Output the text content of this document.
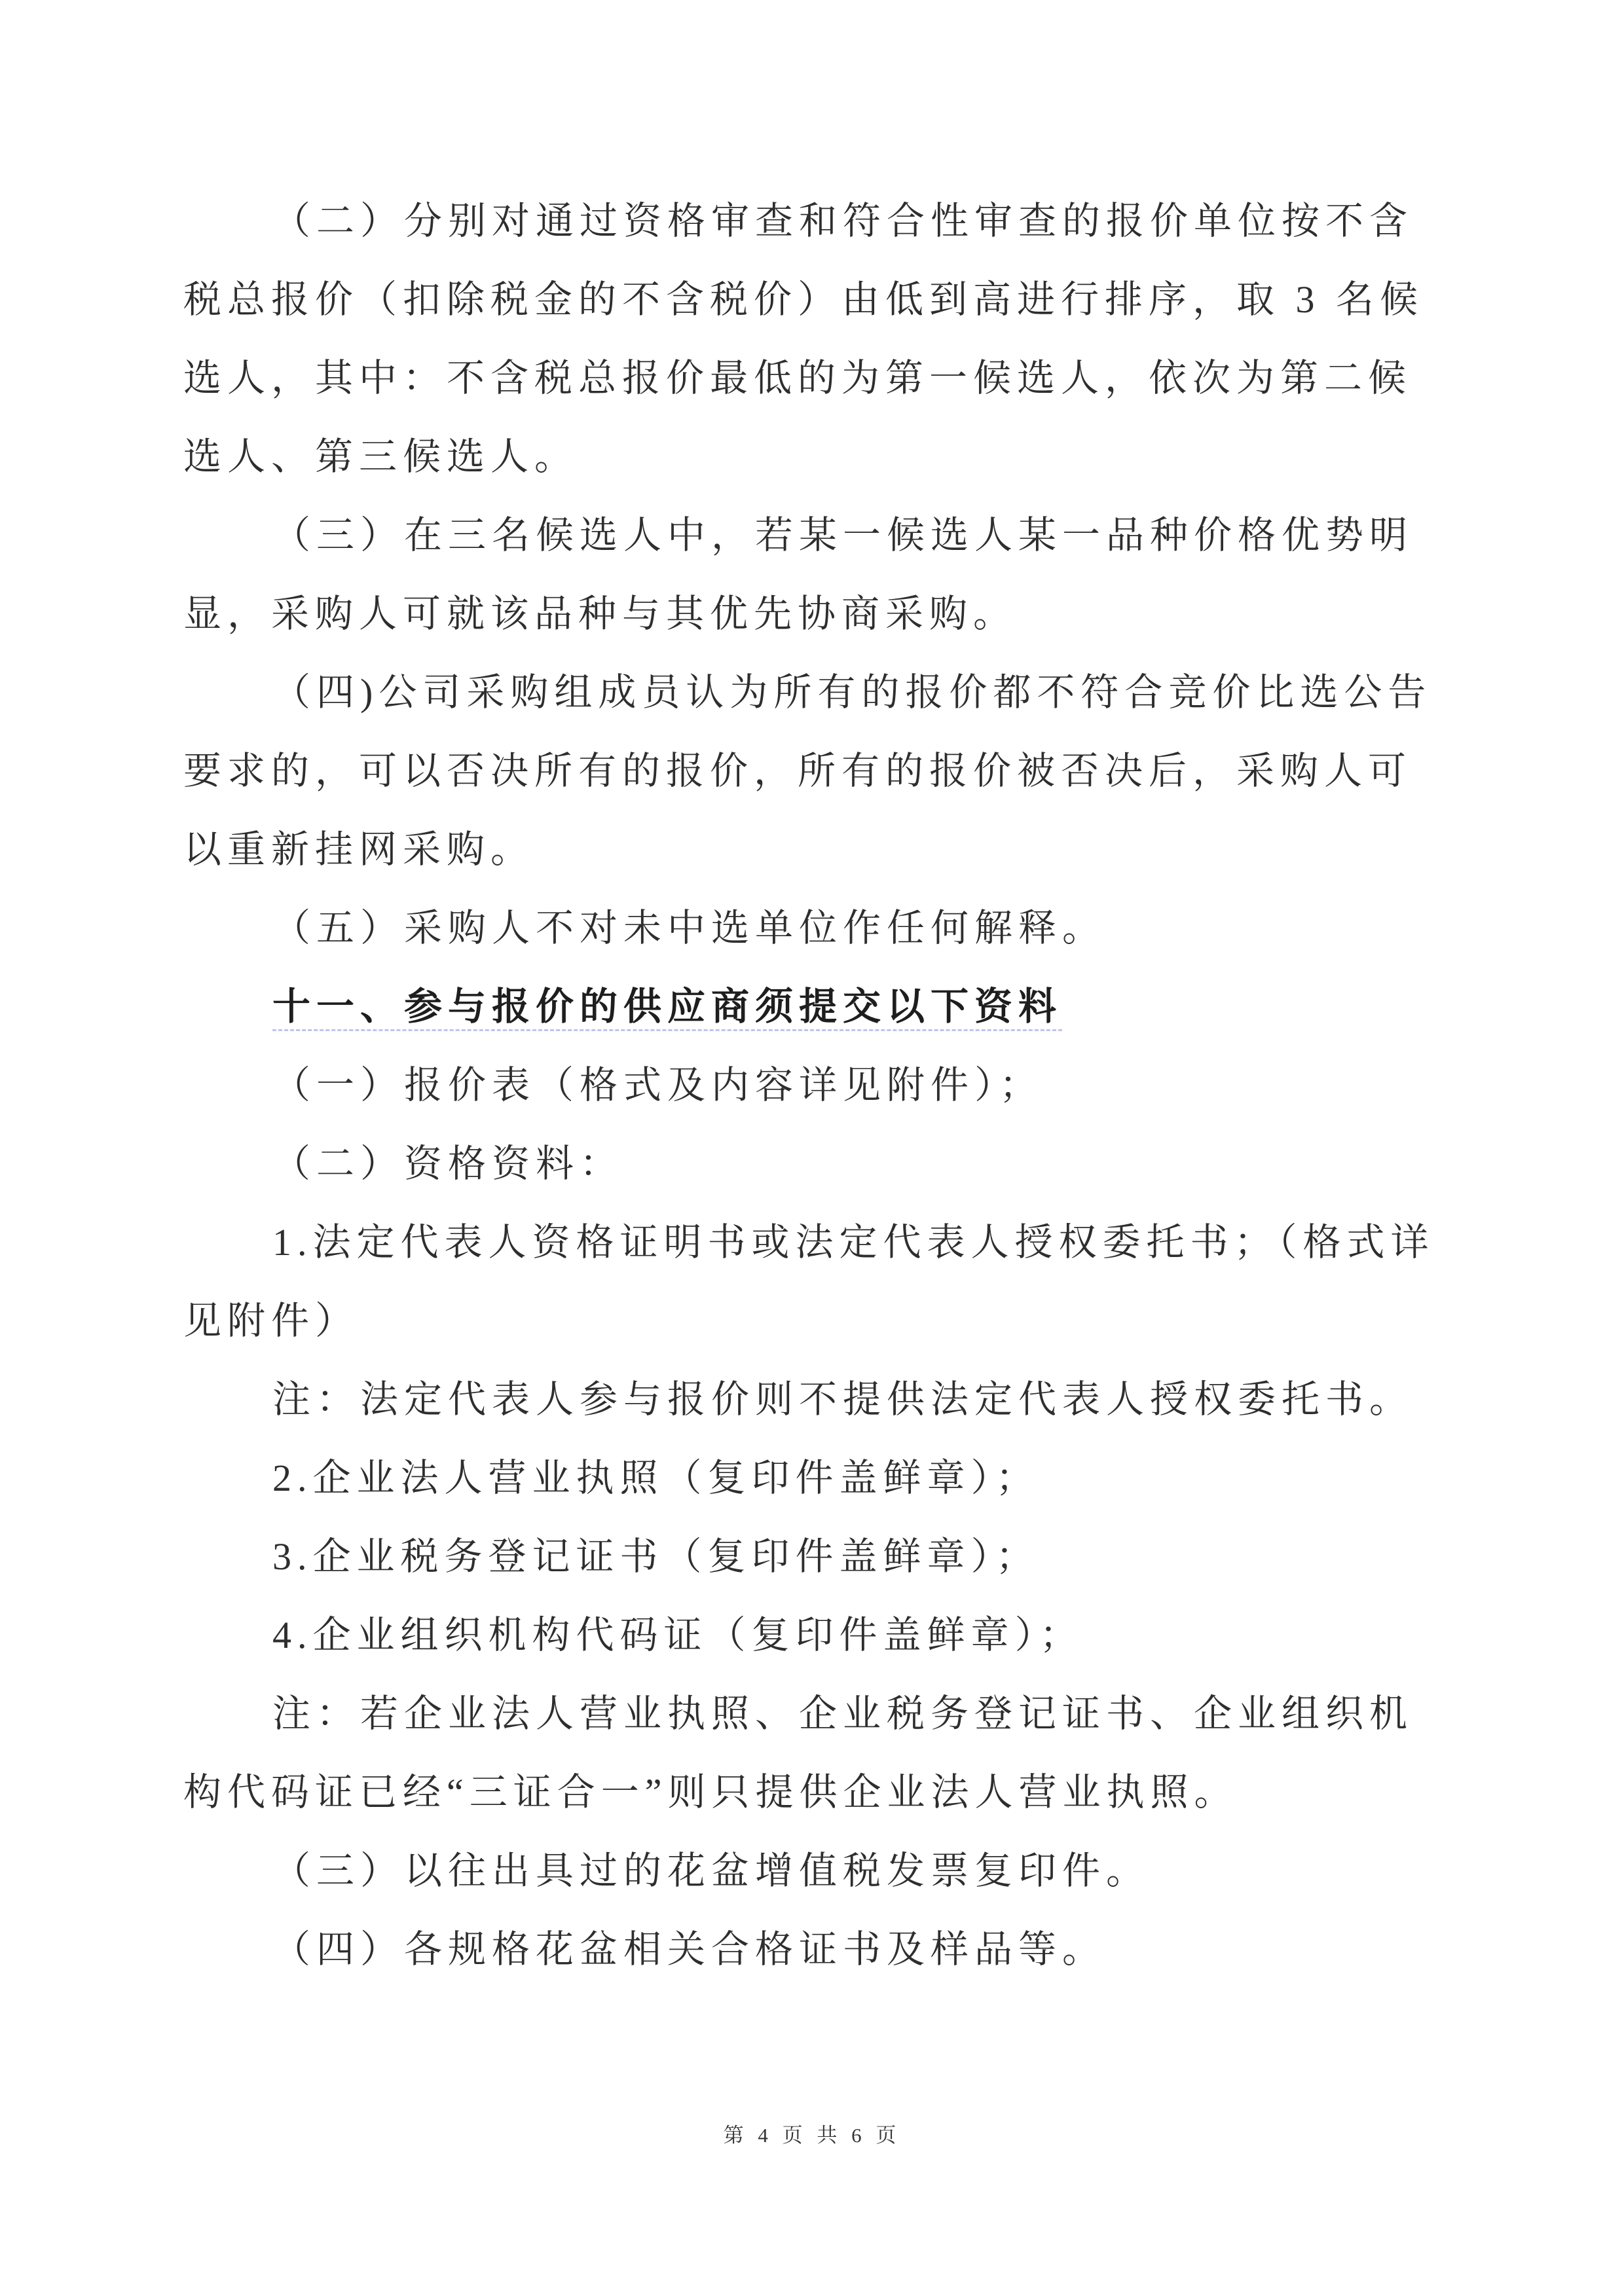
（二）分别对通过资格审查和符合性审查的报价单位按不含
税总报价（扣除税金的不含税价）由低到高进行排序，取 3 名候
选人，其中：不含税总报价最低的为第一候选人，依次为第二候
选人、第三候选人。
（三）在三名候选人中，若某一候选人某一品种价格优势明
显，采购人可就该品种与其优先协商采购。
（四)公司采购组成员认为所有的报价都不符合竞价比选公告
要求的，可以否决所有的报价，所有的报价被否决后，采购人可
以重新挂网采购。
（五）采购人不对未中选单位作任何解释。
十一、参与报价的供应商须提交以下资料
（一）报价表（格式及内容详见附件）；
（二）资格资料：
1.法定代表人资格证明书或法定代表人授权委托书；（格式详
见附件）
注：法定代表人参与报价则不提供法定代表人授权委托书。
2.企业法人营业执照（复印件盖鲜章）；
3.企业税务登记证书（复印件盖鲜章）；
4.企业组织机构代码证（复印件盖鲜章）；
注：若企业法人营业执照、企业税务登记证书、企业组织机
构代码证已经“三证合一”则只提供企业法人营业执照。
（三）以往出具过的花盆增值税发票复印件。
（四）各规格花盆相关合格证书及样品等。
第 4 页 共 6 页
